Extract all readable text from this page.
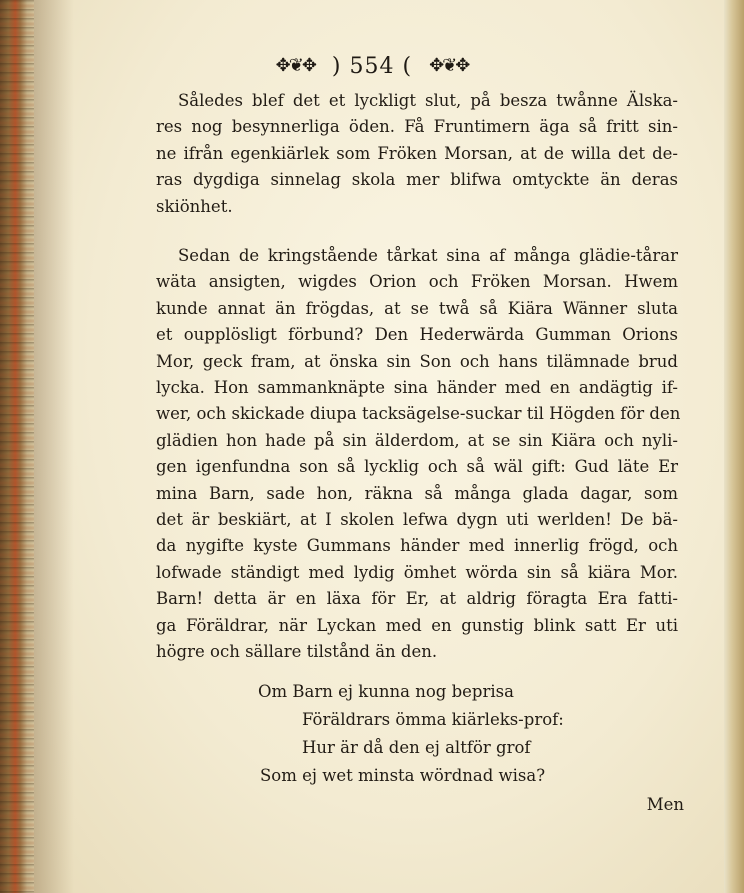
✥❦✥ ) 554 ( ✥❦✥
Således blef det et lyckligt slut, på besza twånne Älska-
res nog besynnerliga öden. Få Fruntimern äga så fritt sin-
ne ifrån egenkiärlek som Fröken Morsan, at de willa det de-
ras dygdiga sinnelag skola mer blifwa omtyckte än deras
skiönhet.
Sedan de kringstående tårkat sina af många glädie-tårar
wäta ansigten, wigdes Orion och Fröken Morsan. Hwem
kunde annat än frögdas, at se twå så Kiära Wänner sluta
et oupplösligt förbund? Den Hederwärda Gumman Orions
Mor, geck fram, at önska sin Son och hans tilämnade brud
lycka. Hon sammanknäpte sina händer med en andägtig if-
wer, och skickade diupa tacksägelse-suckar til Högden för den
glädien hon hade på sin älderdom, at se sin Kiära och nyli-
gen igenfundna son så lycklig och så wäl gift: Gud läte Er
mina Barn, sade hon, räkna så många glada dagar, som
det är beskiärt, at I skolen lefwa dygn uti werlden! De bä-
da nygifte kyste Gummans händer med innerlig frögd, och
lofwade ständigt med lydig ömhet wörda sin så kiära Mor.
Barn! detta är en läxa för Er, at aldrig föragta Era fatti-
ga Föräldrar, när Lyckan med en gunstig blink satt Er uti
högre och sällare tilstånd än den.
Om Barn ej kunna nog beprisa
Föräldrars ömma kiärleks-prof:
Hur är då den ej altför grof
Som ej wet minsta wördnad wisa?
Men
